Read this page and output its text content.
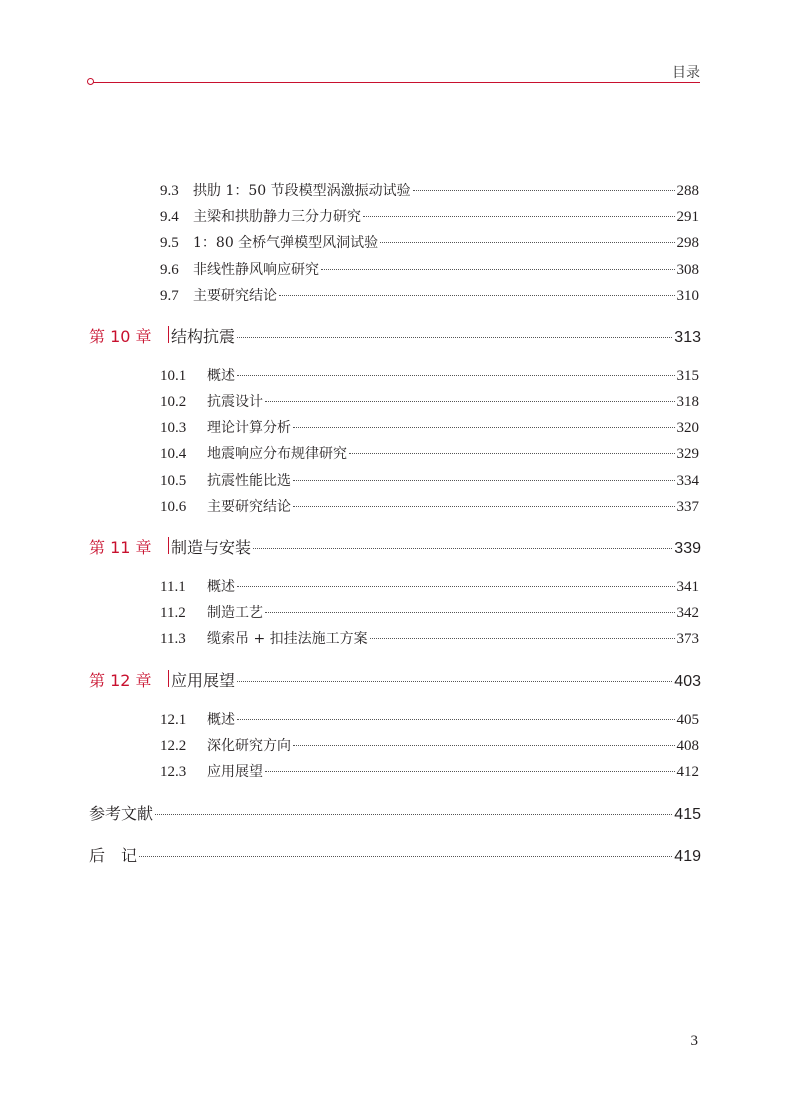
目录
9.3	拱肋 1：50 节段模型涡激振动试验	288
9.4	主梁和拱肋静力三分力研究	291
9.5	1：80 全桥气弹模型风洞试验	298
9.6	非线性静风响应研究	308
9.7	主要研究结论	310
第 10 章	结构抗震	313
10.1	概述	315
10.2	抗震设计	318
10.3	理论计算分析	320
10.4	地震响应分布规律研究	329
10.5	抗震性能比选	334
10.6	主要研究结论	337
第 11 章	制造与安装	339
11.1	概述	341
11.2	制造工艺	342
11.3	缆索吊 + 扣挂法施工方案	373
第 12 章	应用展望	403
12.1	概述	405
12.2	深化研究方向	408
12.3	应用展望	412
参考文献	415
后　记	419
3
